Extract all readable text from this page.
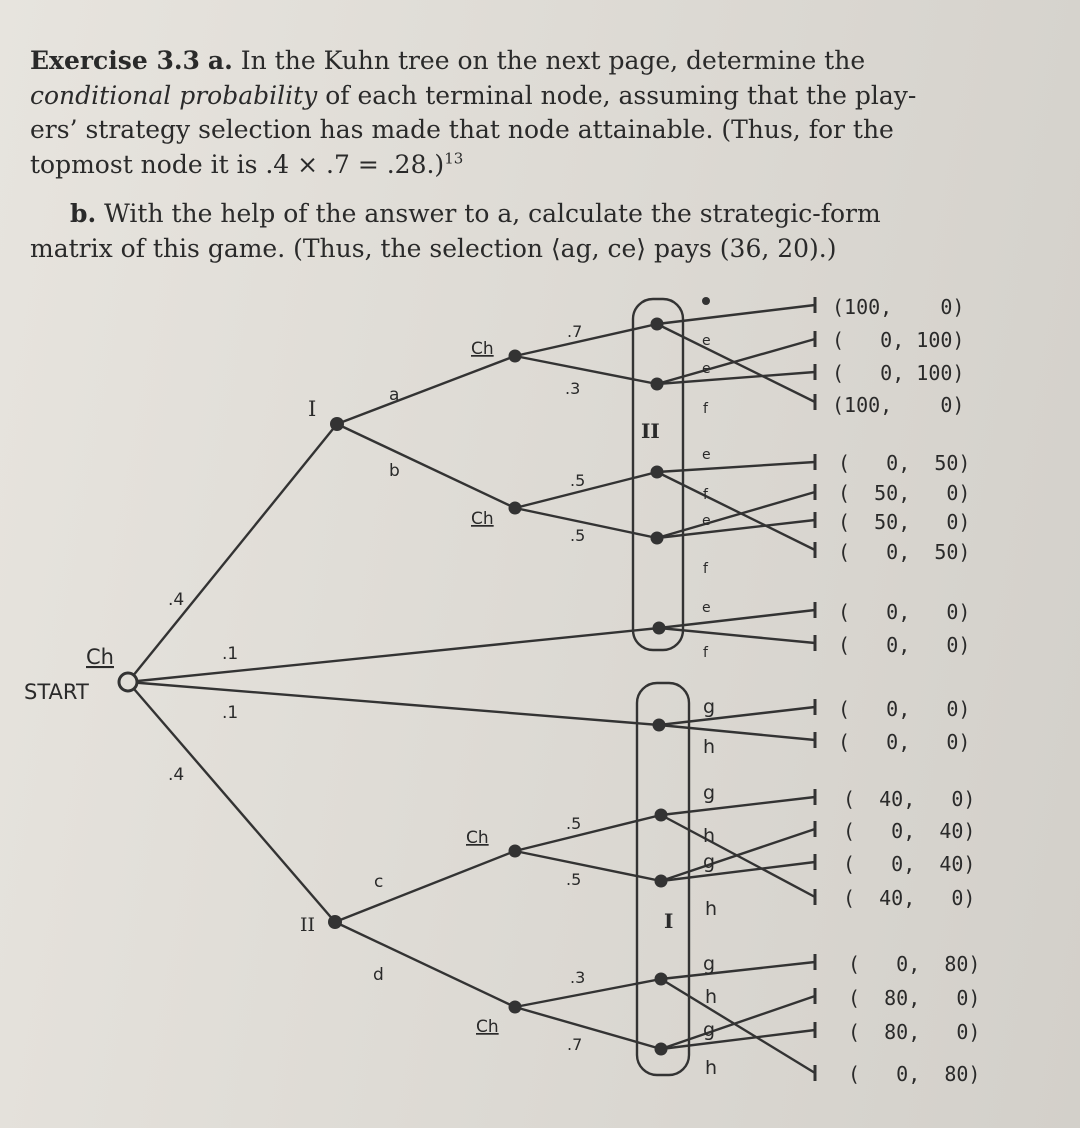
Exercise 3.3 a. In the Kuhn tree on the next page, determine the
conditional probability of each terminal node, assuming that the play-
ers’ strategy selection has made that node attainable. (Thus, for the
topmost node it is .4 × .7 = .28.)$^{13}$
b. With the help of the answer to a, calculate the strategic-form
matrix of this game. (Thus, the selection ⟨ag, ce⟩ pays (36, 20).)
Ch
START
.4
.1
.1
.4
I
II
a
b
c
d
Ch
Ch
Ch
Ch
.7
.3
.5
.5
.5
.5
.3
.7
II
I
e
e
f
e
f
e
f
e
f
g
h
g
h
g
h
g
h
g
h
(100,    0)
(   0, 100)
(   0, 100)
(100,    0)
(   0,  50)
(  50,   0)
(  50,   0)
(   0,  50)
(   0,   0)
(   0,   0)
(   0,   0)
(   0,   0)
(  40,   0)
(   0,  40)
(   0,  40)
(  40,   0)
(   0,  80)
(  80,   0)
(  80,   0)
(   0,  80)
